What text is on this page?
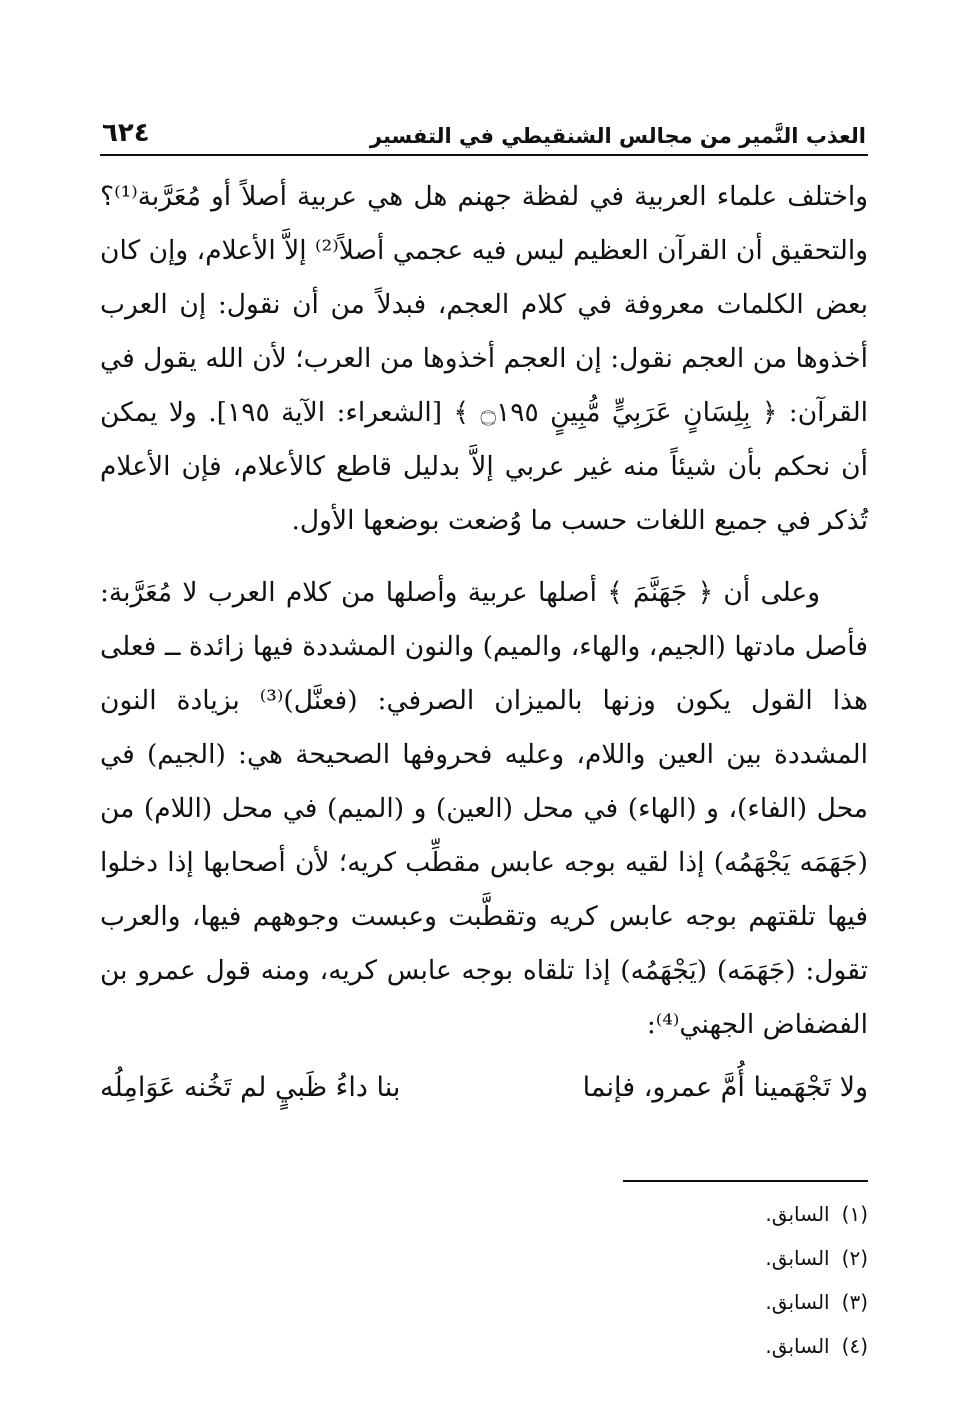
العذب النَّمير من مجالس الشنقيطي في التفسير
٦٢٤

واختلف علماء العربية في لفظة جهنم هل هي عربية أصلاً أو مُعَرَّبة⁽¹⁾؟ والتحقيق أن القرآن العظيم ليس فيه عجمي أصلاً⁽²⁾ إلاَّ الأعلام، وإن كان بعض الكلمات معروفة في كلام العجم، فبدلاً من أن نقول: إن العرب أخذوها من العجم نقول: إن العجم أخذوها من العرب؛ لأن الله يقول في القرآن: ﴿ بِلِسَانٍ عَرَبِيٍّ مُّبِينٍ ۝١٩٥ ﴾ [الشعراء: الآية ١٩٥]. ولا يمكن أن نحكم بأن شيئاً منه غير عربي إلاَّ بدليل قاطع كالأعلام، فإن الأعلام تُذكر في جميع اللغات حسب ما وُضعت بوضعها الأول.

وعلى أن ﴿ جَهَنَّمَ ﴾ أصلها عربية وأصلها من كلام العرب لا مُعَرَّبة: فأصل مادتها (الجيم، والهاء، والميم) والنون المشددة فيها زائدة ــ فعلى هذا القول يكون وزنها بالميزان الصرفي: (فعنَّل)⁽³⁾ بزيادة النون المشددة بين العين واللام، وعليه فحروفها الصحيحة هي: (الجيم) في محل (الفاء)، و (الهاء) في محل (العين) و (الميم) في محل (اللام) من (جَهَمَه يَجْهَمُه) إذا لقيه بوجه عابس مقطِّب كريه؛ لأن أصحابها إذا دخلوا فيها تلقتهم بوجه عابس كريه وتقطَّبت وعبست وجوههم فيها، والعرب تقول: (جَهَمَه) (يَجْهَمُه) إذا تلقاه بوجه عابس كريه، ومنه قول عمرو بن الفضفاض الجهني⁽⁴⁾:

ولا تَجْهَمينا أُمَّ عمرو، فإنما
بنا داءُ ظَبيٍ لم تَخُنه عَوَامِلُه
(١)السابق.
(٢)السابق.
(٣)السابق.
(٤)السابق.
